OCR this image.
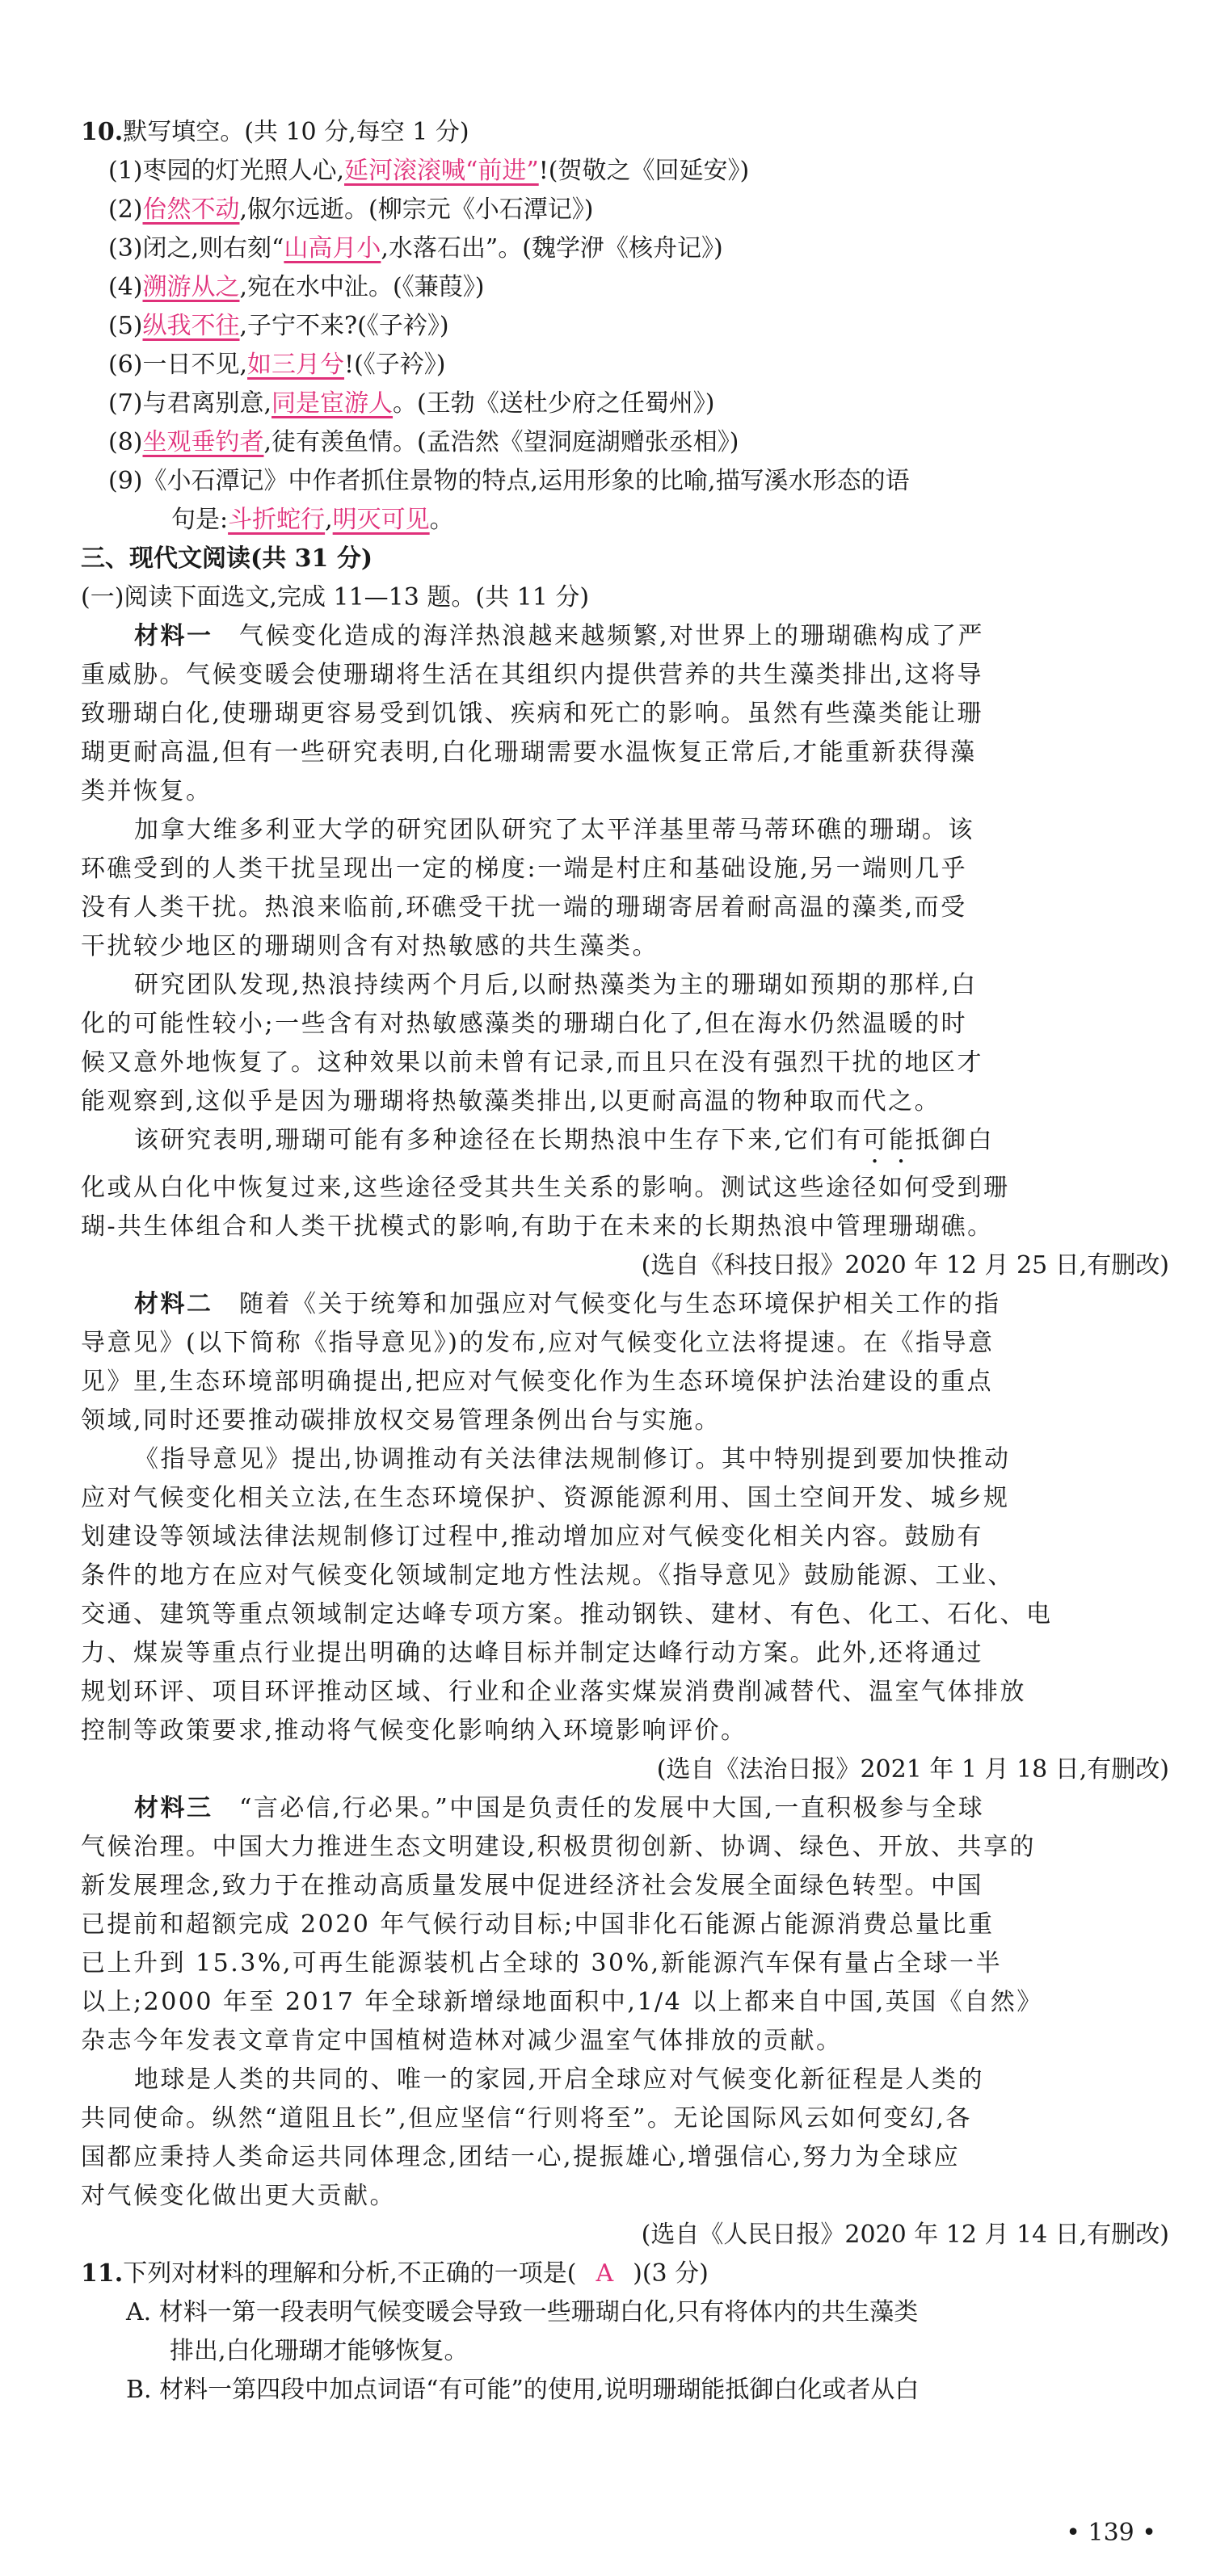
10.默写填空。(共 10 分,每空 1 分)

(1)枣园的灯光照人心,延河滚滚喊“前进”!(贺敬之《回延安》)

(2)佁然不动,俶尔远逝。(柳宗元《小石潭记》)

(3)闭之,则右刻“山高月小,水落石出”。(魏学洢《核舟记》)

(4)溯游从之,宛在水中沚。(《蒹葭》)

(5)纵我不往,子宁不来?(《子衿》)

(6)一日不见,如三月兮!(《子衿》)

(7)与君离别意,同是宦游人。(王勃《送杜少府之任蜀州》)

(8)坐观垂钓者,徒有羡鱼情。(孟浩然《望洞庭湖赠张丞相》)

(9)《小石潭记》中作者抓住景物的特点,运用形象的比喻,描写溪水形态的语

句是:斗折蛇行,明灭可见。

三、现代文阅读(共 31 分)

(一)阅读下面选文,完成 11—13 题。(共 11 分)

材料一  气候变化造成的海洋热浪越来越频繁,对世界上的珊瑚礁构成了严

重威胁。气候变暖会使珊瑚将生活在其组织内提供营养的共生藻类排出,这将导

致珊瑚白化,使珊瑚更容易受到饥饿、疾病和死亡的影响。虽然有些藻类能让珊

瑚更耐高温,但有一些研究表明,白化珊瑚需要水温恢复正常后,才能重新获得藻

类并恢复。

加拿大维多利亚大学的研究团队研究了太平洋基里蒂马蒂环礁的珊瑚。该

环礁受到的人类干扰呈现出一定的梯度:一端是村庄和基础设施,另一端则几乎

没有人类干扰。热浪来临前,环礁受干扰一端的珊瑚寄居着耐高温的藻类,而受

干扰较少地区的珊瑚则含有对热敏感的共生藻类。

研究团队发现,热浪持续两个月后,以耐热藻类为主的珊瑚如预期的那样,白

化的可能性较小;一些含有对热敏感藻类的珊瑚白化了,但在海水仍然温暖的时

候又意外地恢复了。这种效果以前未曾有记录,而且只在没有强烈干扰的地区才

能观察到,这似乎是因为珊瑚将热敏藻类排出,以更耐高温的物种取而代之。

该研究表明,珊瑚可能有多种途径在长期热浪中生存下来,它们有可能抵御白

化或从白化中恢复过来,这些途径受其共生关系的影响。测试这些途径如何受到珊

瑚-共生体组合和人类干扰模式的影响,有助于在未来的长期热浪中管理珊瑚礁。

(选自《科技日报》2020 年 12 月 25 日,有删改)

材料二  随着《关于统筹和加强应对气候变化与生态环境保护相关工作的指

导意见》(以下简称《指导意见》)的发布,应对气候变化立法将提速。在《指导意

见》里,生态环境部明确提出,把应对气候变化作为生态环境保护法治建设的重点

领域,同时还要推动碳排放权交易管理条例出台与实施。

《指导意见》提出,协调推动有关法律法规制修订。其中特别提到要加快推动

应对气候变化相关立法,在生态环境保护、资源能源利用、国土空间开发、城乡规

划建设等领域法律法规制修订过程中,推动增加应对气候变化相关内容。鼓励有

条件的地方在应对气候变化领域制定地方性法规。《指导意见》鼓励能源、工业、

交通、建筑等重点领域制定达峰专项方案。推动钢铁、建材、有色、化工、石化、电

力、煤炭等重点行业提出明确的达峰目标并制定达峰行动方案。此外,还将通过

规划环评、项目环评推动区域、行业和企业落实煤炭消费削减替代、温室气体排放

控制等政策要求,推动将气候变化影响纳入环境影响评价。

(选自《法治日报》2021 年 1 月 18 日,有删改)

材料三  “言必信,行必果。”中国是负责任的发展中大国,一直积极参与全球

气候治理。中国大力推进生态文明建设,积极贯彻创新、协调、绿色、开放、共享的

新发展理念,致力于在推动高质量发展中促进经济社会发展全面绿色转型。中国

已提前和超额完成 2020 年气候行动目标;中国非化石能源占能源消费总量比重

已上升到 15.3%,可再生能源装机占全球的 30%,新能源汽车保有量占全球一半

以上;2000 年至 2017 年全球新增绿地面积中,1/4 以上都来自中国,英国《自然》

杂志今年发表文章肯定中国植树造林对减少温室气体排放的贡献。

地球是人类的共同的、唯一的家园,开启全球应对气候变化新征程是人类的

共同使命。纵然“道阻且长”,但应坚信“行则将至”。无论国际风云如何变幻,各

国都应秉持人类命运共同体理念,团结一心,提振雄心,增强信心,努力为全球应

对气候变化做出更大贡献。

(选自《人民日报》2020 年 12 月 14 日,有删改)

11.下列对材料的理解和分析,不正确的一项是( A )(3 分)

A. 材料一第一段表明气候变暖会导致一些珊瑚白化,只有将体内的共生藻类

排出,白化珊瑚才能够恢复。

B. 材料一第四段中加点词语“有可能”的使用,说明珊瑚能抵御白化或者从白

• 139 •
